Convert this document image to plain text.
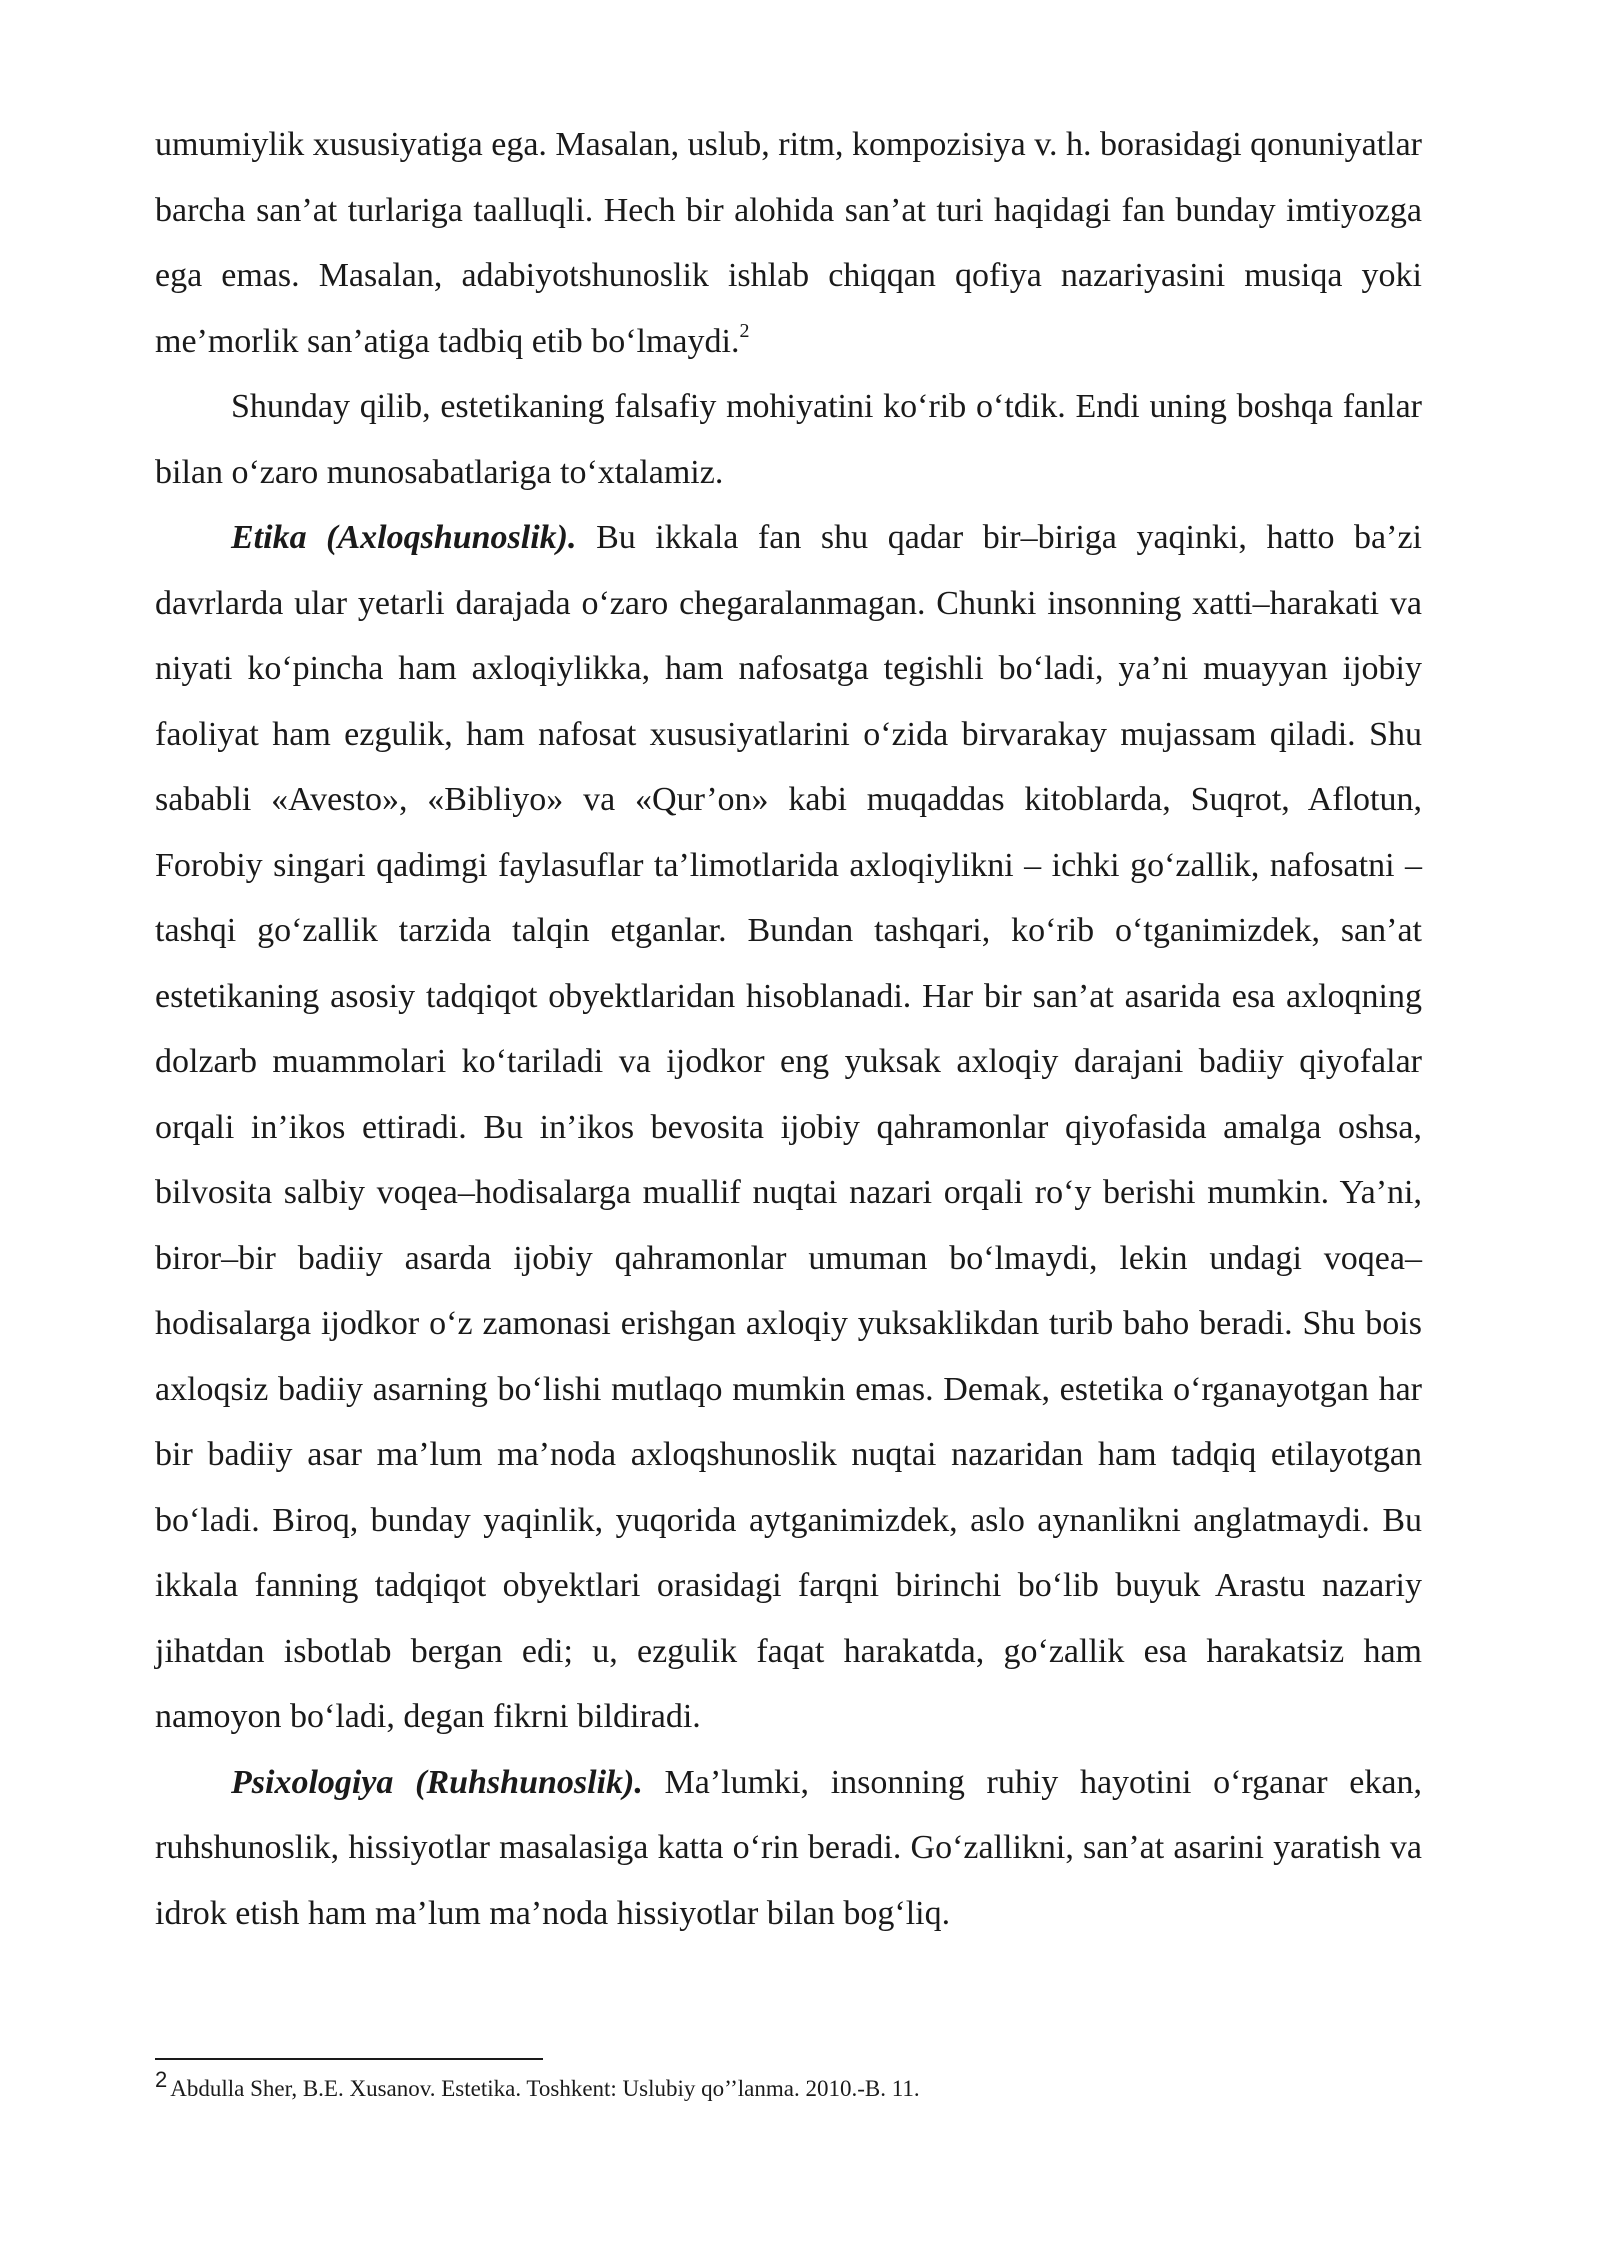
umumiylik xususiyatiga ega. Masalan, uslub, ritm, kompozisiya v. h. borasidagi qonuniyatlar barcha san’at turlariga taalluqli. Hech bir alohida san’at turi haqidagi fan bunday imtiyozga ega emas. Masalan, adabiyotshunoslik ishlab chiqqan qofiya nazariyasini musiqa yoki me’morlik san’atiga tadbiq etib bo‘lmaydi.$^2$

Shunday qilib, estetikaning falsafiy mohiyatini ko‘rib o‘tdik. Endi uning boshqa fanlar bilan o‘zaro munosabatlariga to‘xtalamiz.

Etika (Axloqshunoslik). Bu ikkala fan shu qadar bir–biriga yaqinki, hatto ba’zi davrlarda ular yetarli darajada o‘zaro chegaralanmagan. Chunki insonning xatti–harakati va niyati ko‘pincha ham axloqiylikka, ham nafosatga tegishli bo‘ladi, ya’ni muayyan ijobiy faoliyat ham ezgulik, ham nafosat xususiyatlarini o‘zida birvarakay mujassam qiladi. Shu sababli «Avesto», «Bibliyo» va «Qur’on» kabi muqaddas kitoblarda, Suqrot, Aflotun, Forobiy singari qadimgi faylasuflar ta’limotlarida axloqiylikni – ichki go‘zallik, nafosatni – tashqi go‘zallik tarzida talqin etganlar. Bundan tashqari, ko‘rib o‘tganimizdek, san’at estetikaning asosiy tadqiqot obyektlaridan hisoblanadi. Har bir san’at asarida esa axloqning dolzarb muammolari ko‘tariladi va ijodkor eng yuksak axloqiy darajani badiiy qiyofalar orqali in’ikos ettiradi. Bu in’ikos bevosita ijobiy qahramonlar qiyofasida amalga oshsa, bilvosita salbiy voqea–hodisalarga muallif nuqtai nazari orqali ro‘y berishi mumkin. Ya’ni, biror–bir badiiy asarda ijobiy qahramonlar umuman bo‘lmaydi, lekin undagi voqea–hodisalarga ijodkor o‘z zamonasi erishgan axloqiy yuksaklikdan turib baho beradi. Shu bois axloqsiz badiiy asarning bo‘lishi mutlaqo mumkin emas. Demak, estetika o‘rganayotgan har bir badiiy asar ma’lum ma’noda axloqshunoslik nuqtai nazaridan ham tadqiq etilayotgan bo‘ladi. Biroq, bunday yaqinlik, yuqorida aytganimizdek, aslo aynanlikni anglatmaydi. Bu ikkala fanning tadqiqot obyektlari orasidagi farqni birinchi bo‘lib buyuk Arastu nazariy jihatdan isbotlab bergan edi; u, ezgulik faqat harakatda, go‘zallik esa harakatsiz ham namoyon bo‘ladi, degan fikrni bildiradi.

Psixologiya (Ruhshunoslik). Ma’lumki, insonning ruhiy hayotini o‘rganar ekan, ruhshunoslik, hissiyotlar masalasiga katta o‘rin beradi. Go‘zallikni, san’at asarini yaratish va idrok etish ham ma’lum ma’noda hissiyotlar bilan bog‘liq.

2 Abdulla Sher, B.E. Xusanov. Estetika. Toshkent: Uslubiy qo’’lanma. 2010.-B. 11.
